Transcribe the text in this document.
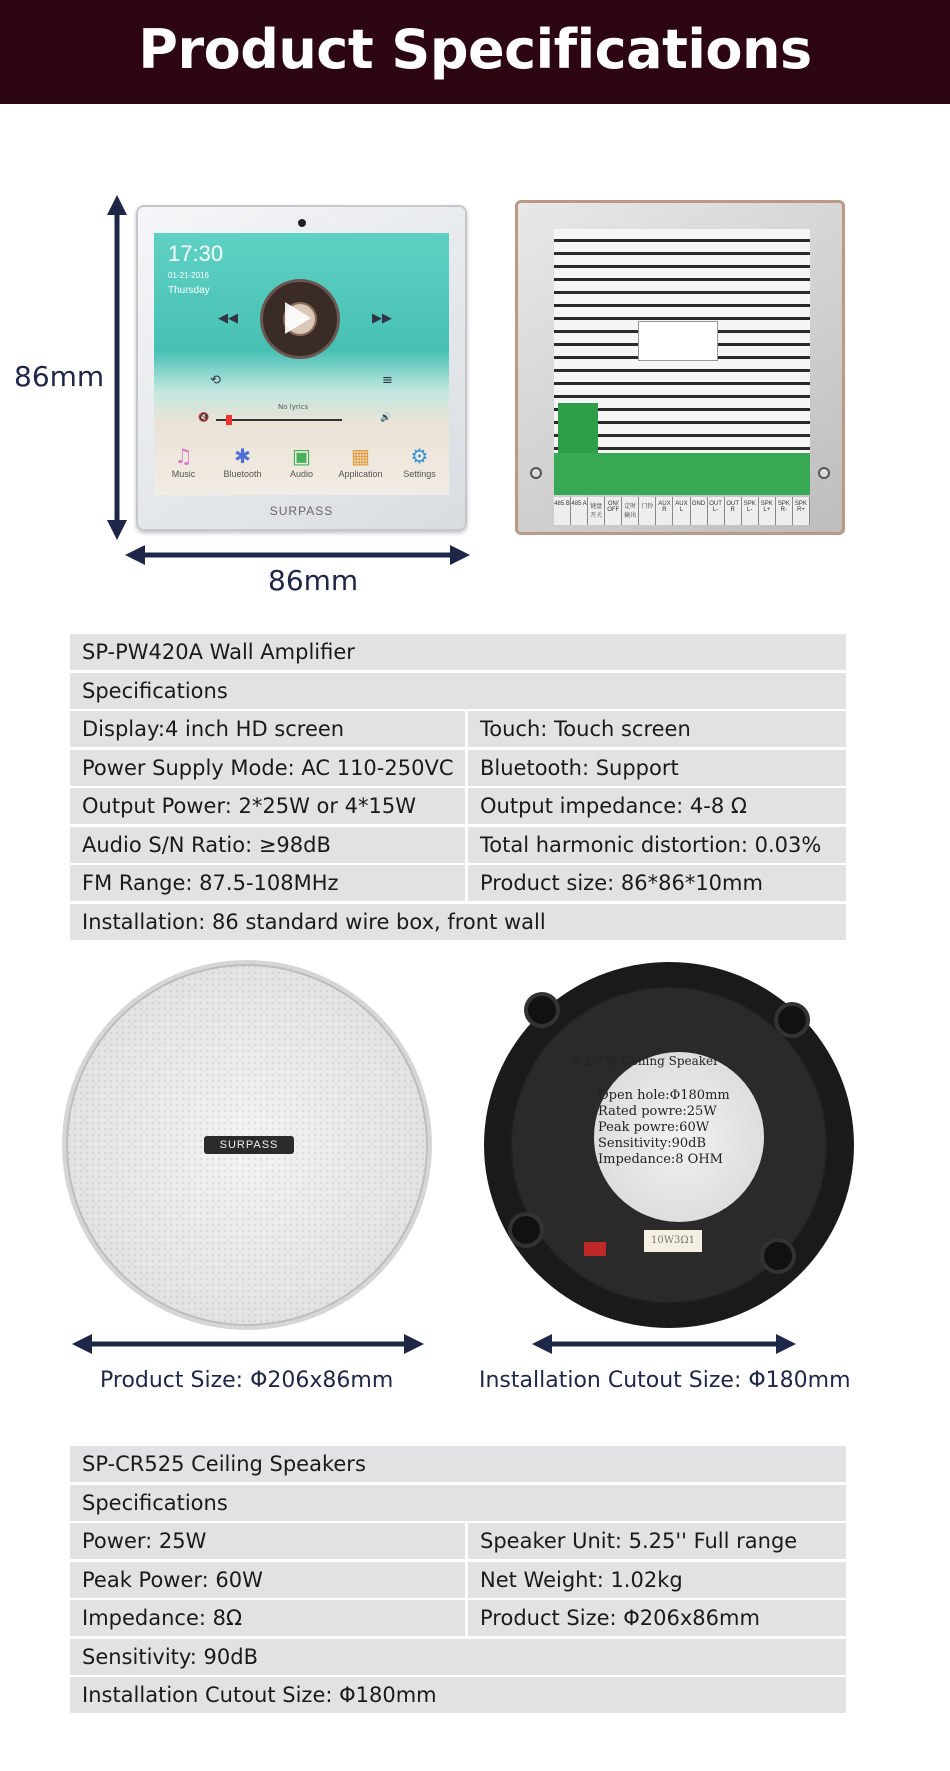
Product Specifications
86mm
86mm
17:30
01-21-2016
Thursday
◀◀	▶▶
⟲	≡
No lyrics
🔇	🔊
♫
Music
✱
Bluetooth
▣
Audio
▦
Application
⚙
Settings
SURPASS	485 B 485 A 键盘 开关
ON/ OFF 定时 输出
门铃 AUX R
AUX L
GND OUT L-
OUT R
SPK L-
SPK L+
SPK R-
SPK R+
SP-PW420A Wall Amplifier
Specifications
Display:4 inch HD screen	Touch: Touch screen
Power Supply Mode: AC 110-250VC	Bluetooth: Support
Output Power: 2*25W or 4*15W	Output impedance: 4-8 Ω
Audio S/N Ratio: ≥98dB	Total harmonic distortion: 0.03%
FM Range: 87.5-108MHz	Product size: 86*86*10mm
Installation: 86 standard wire box, front wall
SURPASS
5.25''In Ceiling Speaker
Open hole:Φ180mm
Rated powre:25W
Peak powre:60W
Sensitivity:90dB
Impedance:8 OHM
10W3Ω1
Product Size: Φ206x86mm	Installation Cutout Size: Φ180mm
SP-CR525 Ceiling Speakers
Specifications
Power: 25W	Speaker Unit: 5.25'' Full range
Peak Power: 60W	Net Weight: 1.02kg
Impedance: 8Ω	Product Size: Φ206x86mm
Sensitivity: 90dB
Installation Cutout Size: Φ180mm
